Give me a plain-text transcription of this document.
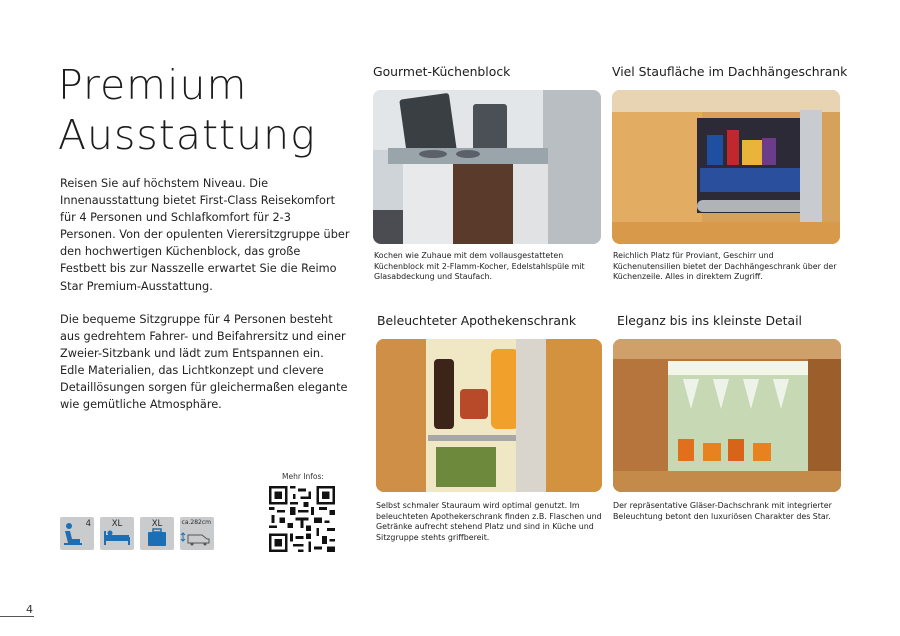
Premium
Ausstattung

Reisen Sie auf höchstem Niveau. Die Innenausstattung bietet First-Class Reisekomfort für 4 Personen und Schlafkomfort für 2-3 Personen. Von der opulenten Vierersitzgruppe über den hochwertigen Küchenblock, das große Festbett bis zur Nasszelle erwartet Sie die Reimo Star Premium-Ausstattung.

Die bequeme Sitzgruppe für 4 Personen besteht aus gedrehtem Fahrer- und Beifahrersitz und einer Zweier-Sitzbank und lädt zum Entspannen ein. Edle Materialien, das Lichtkonzept und clevere Detaillösungen sorgen für gleichermaßen elegante wie gemütliche Atmosphäre.

Gourmet-Küchenblock
Kochen wie Zuhaue mit dem vollausgestatteten Küchenblock mit 2-Flamm-Kocher, Edelstahlspüle mit Glasabdeckung und Staufach.
Viel Staufläche im Dachhängeschrank
Reichlich Platz für Proviant, Geschirr und Küchenutensilien bietet der Dachhängeschrank über der Küchenzeile. Alles in direktem Zugriff.
Beleuchteter Apothekenschrank
Selbst schmaler Stauraum wird optimal genutzt. Im beleuchteten Apothekerschrank finden z.B. Flaschen und Getränke aufrecht stehend Platz und sind in Küche und Sitzgruppe stehts griffbereit.
Eleganz bis ins kleinste Detail
Der repräsentative Gläser-Dachschrank mit integrierter Beleuchtung betont den luxuriösen Charakter des Star.
Mehr Infos:
4	XL	XL	ca.282cm
4
